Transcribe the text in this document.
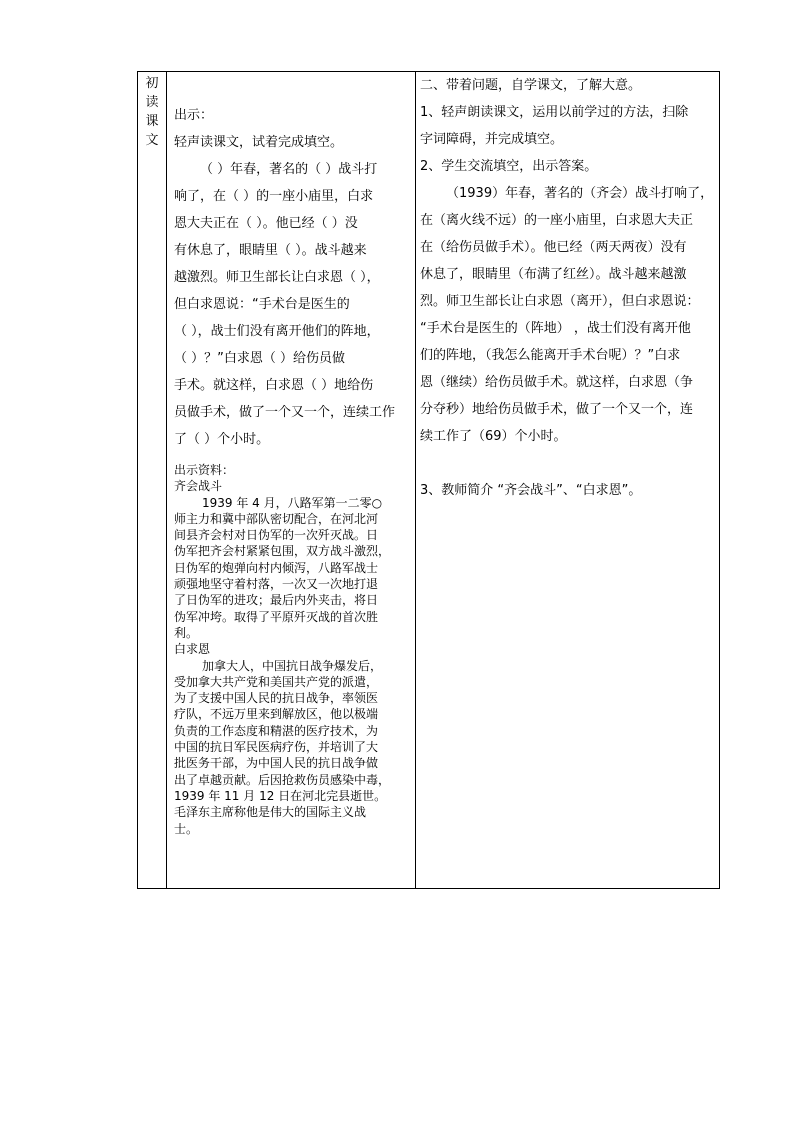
初
读
课
文

出示：

轻声读课文，试着完成填空。

（ ）年春，著名的（ ）战斗打

响了，在（ ）的一座小庙里，白求

恩大夫正在（ ）。他已经（ ）没

有休息了，眼睛里（ ）。战斗越来

越激烈。师卫生部长让白求恩（ ），

但白求恩说：“手术台是医生的

（ ），战士们没有离开他们的阵地，

（ ）？”白求恩（ ）给伤员做

手术。就这样，白求恩（ ）地给伤

员做手术，做了一个又一个，连续工作

了（ ）个小时。

出示资料：

齐会战斗

1939 年 4 月，八路军第一二零○

师主力和冀中部队密切配合，在河北河

间县齐会村对日伪军的一次歼灭战。日

伪军把齐会村紧紧包围，双方战斗激烈，

日伪军的炮弹向村内倾泻，八路军战士

顽强地坚守着村落，一次又一次地打退

了日伪军的进攻；最后内外夹击，将日

伪军冲垮。取得了平原歼灭战的首次胜

利。

白求恩

加拿大人，中国抗日战争爆发后，

受加拿大共产党和美国共产党的派遣，

为了支援中国人民的抗日战争，率领医

疗队，不远万里来到解放区，他以极端

负责的工作态度和精湛的医疗技术，为

中国的抗日军民医病疗伤，并培训了大

批医务干部，为中国人民的抗日战争做

出了卓越贡献。后因抢救伤员感染中毒，

1939 年 11 月 12 日在河北完县逝世。

毛泽东主席称他是伟大的国际主义战

士。

二、带着问题，自学课文，了解大意。

1、轻声朗读课文，运用以前学过的方法，扫除

字词障碍，并完成填空。

2、学生交流填空，出示答案。

（1939）年春，著名的（齐会）战斗打响了，

在（离火线不远）的一座小庙里，白求恩大夫正

在（给伤员做手术）。他已经（两天两夜）没有

休息了，眼睛里（布满了红丝）。战斗越来越激

烈。师卫生部长让白求恩（离开），但白求恩说：

“手术台是医生的（阵地） ，战士们没有离开他

们的阵地，（我怎么能离开手术台呢）？”白求

恩（继续）给伤员做手术。就这样，白求恩（争

分夺秒）地给伤员做手术，做了一个又一个，连

续工作了（69）个小时。

3、教师简介 “齐会战斗”、“白求恩”。
